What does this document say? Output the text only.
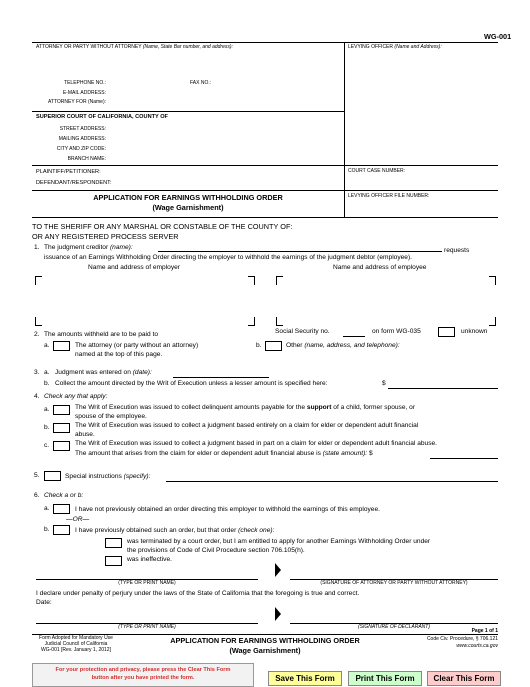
WG-001
ATTORNEY OR PARTY WITHOUT ATTORNEY (Name, State Bar number, and address):
TELEPHONE NO.:	FAX NO.:
E-MAIL ADDRESS:
ATTORNEY FOR (Name):
LEVYING OFFICER (Name and Address):
SUPERIOR COURT OF CALIFORNIA, COUNTY OF
STREET ADDRESS:
MAILING ADDRESS:
CITY AND ZIP CODE:
BRANCH NAME:
PLAINTIFF/PETITIONER:
DEFENDANT/RESPONDENT:
COURT CASE NUMBER:
LEVYING OFFICER FILE NUMBER:
APPLICATION FOR EARNINGS WITHHOLDING ORDER
(Wage Garnishment)
TO THE SHERIFF OR ANY MARSHAL OR CONSTABLE OF THE COUNTY OF:
OR ANY REGISTERED PROCESS SERVER
1. The judgment creditor (name):	requests
issuance of an Earnings Withholding Order directing the employer to withhold the earnings of the judgment debtor (employee).
Name and address of employer	Name and address of employee
2. The amounts withheld are to be paid to	Social Security no.	on form WG-035	unknown
a.	The attorney (or party without an attorney)
named at the top of this page.
b.	Other (name, address, and telephone):
3. a. Judgment was entered on (date):
b. Collect the amount directed by the Writ of Execution unless a lesser amount is specified here:	$
4. Check any that apply:
a.	The Writ of Execution was issued to collect delinquent amounts payable for the support of a child, former spouse, or
spouse of the employee.
b.	The Writ of Execution was issued to collect a judgment based entirely on a claim for elder or dependent adult financial
abuse.
c.	The Writ of Execution was issued to collect a judgment based in part on a claim for elder or dependent adult financial abuse.
The amount that arises from the claim for elder or dependent adult financial abuse is (state amount): $
5.	Special instructions (specify):
6. Check a or b:
a.	I have not previously obtained an order directing this employer to withhold the earnings of this employee.
—OR—
b.	I have previously obtained such an order, but that order (check one):
was terminated by a court order, but I am entitled to apply for another Earnings Withholding Order under
the provisions of Code of Civil Procedure section 706.105(h).
was ineffective.
(TYPE OR PRINT NAME)	(SIGNATURE OF ATTORNEY OR PARTY WITHOUT ATTORNEY)
I declare under penalty of perjury under the laws of the State of California that the foregoing is true and correct.
Date:
(TYPE OR PRINT NAME)	(SIGNATURE OF DECLARANT)
Page 1 of 1
Form Adopted for Mandatory Use
Judicial Council of California
WG-001 [Rev. January 1, 2012]
APPLICATION FOR EARNINGS WITHHOLDING ORDER
(Wage Garnishment)
Code Civ. Procedure, § 706.121
www.courts.ca.gov
For your protection and privacy, please press the Clear This Form
button after you have printed the form.	Save This Form	Print This Form	Clear This Form
